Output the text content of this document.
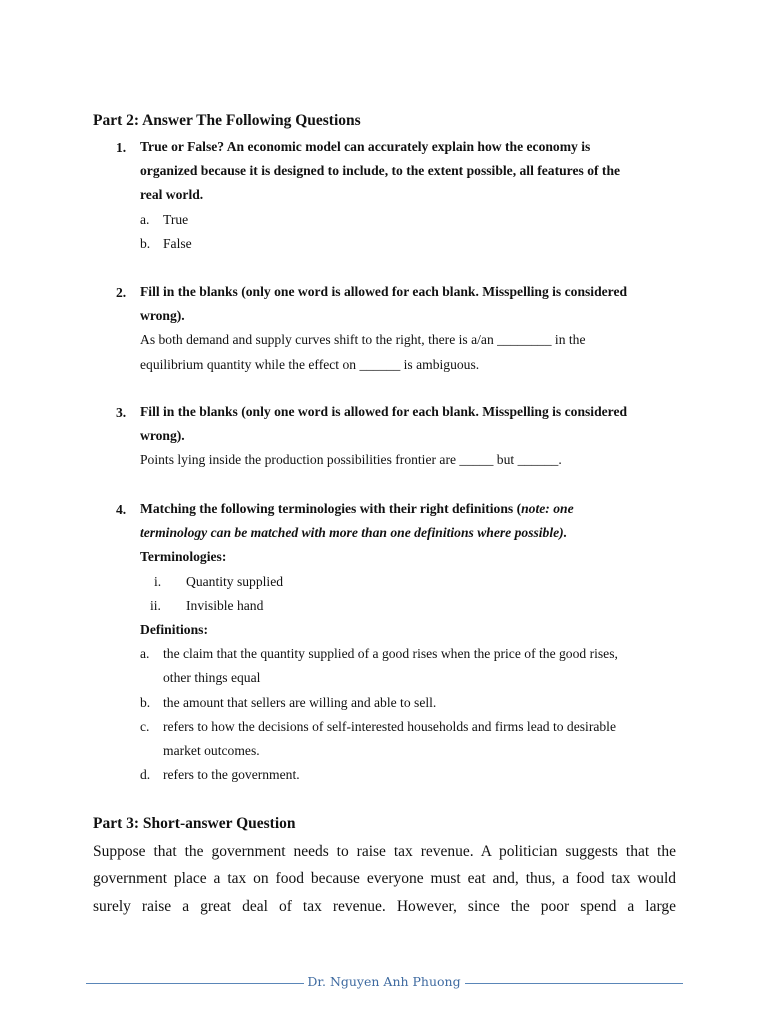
Part 2: Answer The Following Questions
1. True or False? An economic model can accurately explain how the economy is
organized because it is designed to include, to the extent possible, all features of the
real world.
a. True
b. False
2. Fill in the blanks (only one word is allowed for each blank. Misspelling is considered
wrong).
As both demand and supply curves shift to the right, there is a/an ________ in the
equilibrium quantity while the effect on ______ is ambiguous.
3. Fill in the blanks (only one word is allowed for each blank. Misspelling is considered
wrong).
Points lying inside the production possibilities frontier are _____ but ______.
4. Matching the following terminologies with their right definitions (note: one
terminology can be matched with more than one definitions where possible).
Terminologies:
i. Quantity supplied
ii. Invisible hand
Definitions:
a. the claim that the quantity supplied of a good rises when the price of the good rises,
other things equal
b. the amount that sellers are willing and able to sell.
c. refers to how the decisions of self-interested households and firms lead to desirable
market outcomes.
d. refers to the government.
Part 3: Short-answer Question
Suppose that the government needs to raise tax revenue. A politician suggests that the
government place a tax on food because everyone must eat and, thus, a food tax would
surely raise a great deal of tax revenue. However, since the poor spend a large
Dr. Nguyen Anh Phuong
